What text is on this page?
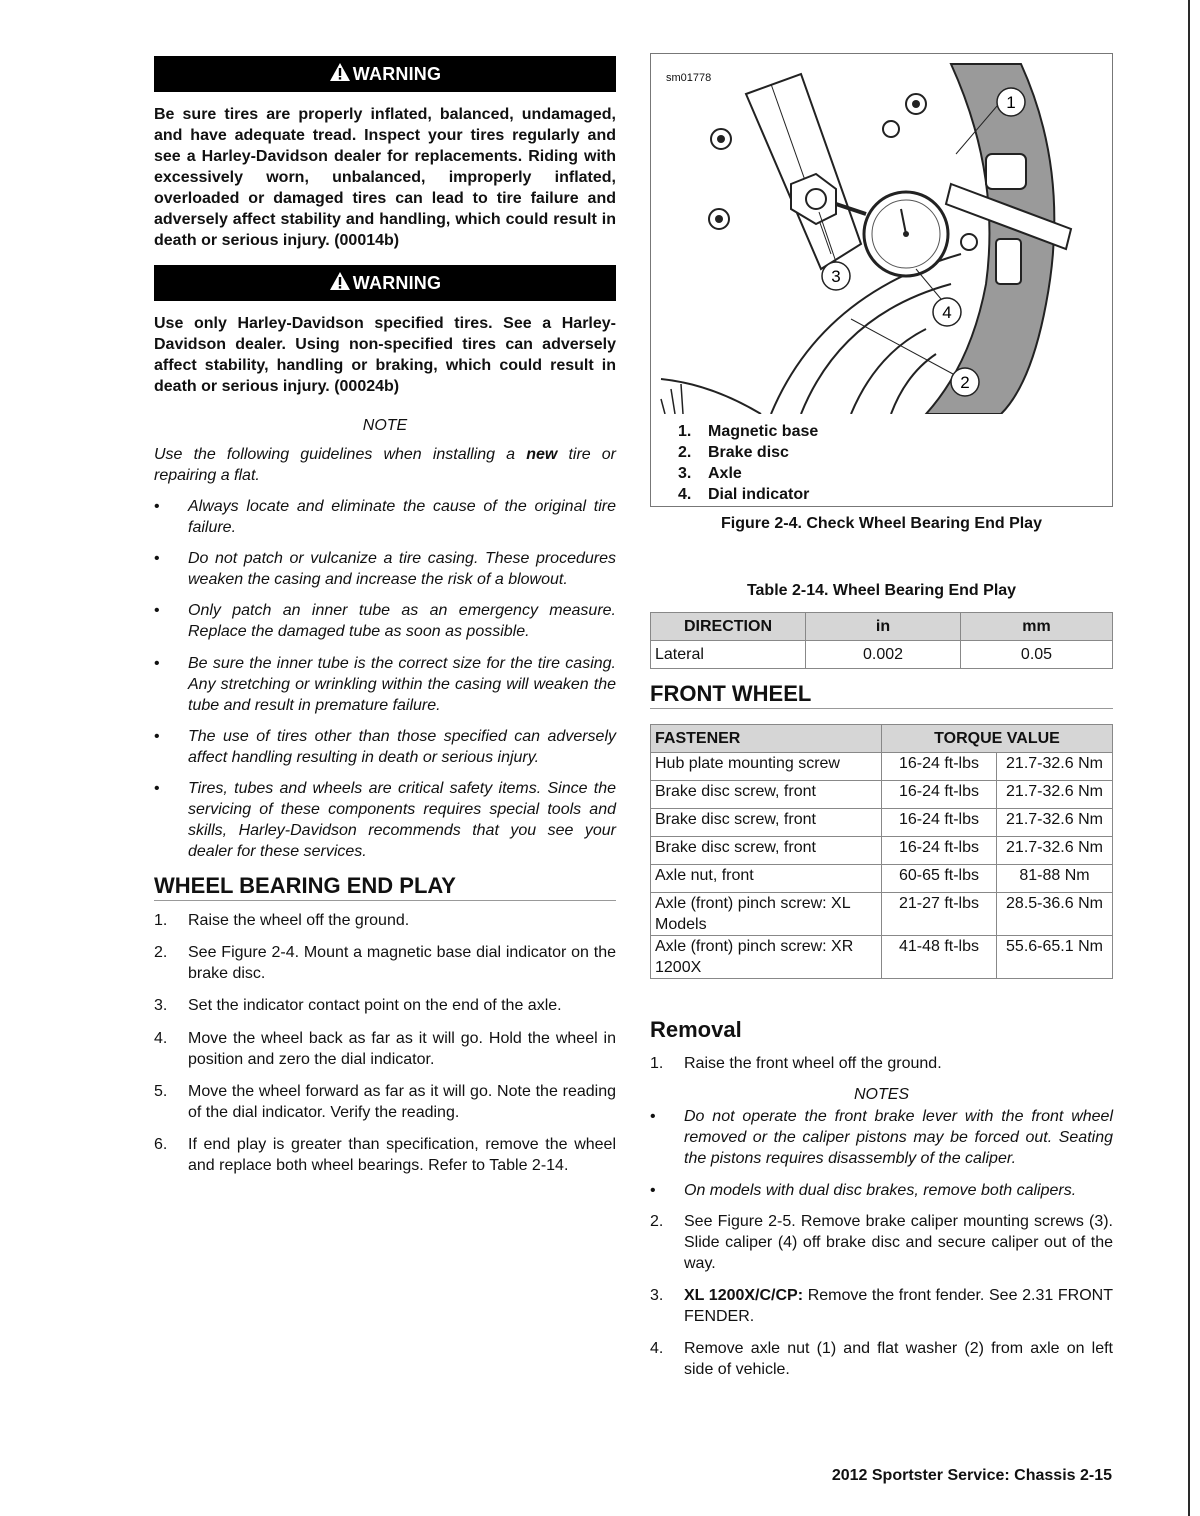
WARNING
Be sure tires are properly inflated, balanced, undamaged, and have adequate tread. Inspect your tires regularly and see a Harley-Davidson dealer for replacements. Riding with excessively worn, unbalanced, improperly inflated, overloaded or damaged tires can lead to tire failure and adversely affect stability and handling, which could result in death or serious injury. (00014b)
WARNING
Use only Harley-Davidson specified tires. See a Harley-Davidson dealer. Using non-specified tires can adversely affect stability, handling or braking, which could result in death or serious injury. (00024b)
NOTE
Use the following guidelines when installing a new tire or repairing a flat.
• Always locate and eliminate the cause of the original tire failure.
• Do not patch or vulcanize a tire casing. These procedures weaken the casing and increase the risk of a blowout.
• Only patch an inner tube as an emergency measure. Replace the damaged tube as soon as possible.
• Be sure the inner tube is the correct size for the tire casing. Any stretching or wrinkling within the casing will weaken the tube and result in premature failure.
• The use of tires other than those specified can adversely affect handling resulting in death or serious injury.
• Tires, tubes and wheels are critical safety items. Since the servicing of these components requires special tools and skills, Harley-Davidson recommends that you see your dealer for these services.
WHEEL BEARING END PLAY
1. Raise the wheel off the ground.
2. See Figure 2-4. Mount a magnetic base dial indicator on the brake disc.
3. Set the indicator contact point on the end of the axle.
4. Move the wheel back as far as it will go. Hold the wheel in position and zero the dial indicator.
5. Move the wheel forward as far as it will go. Note the reading of the dial indicator. Verify the reading.
6. If end play is greater than specification, remove the wheel and replace both wheel bearings. Refer to Table 2-14.
sm01778
1
3
4
2
1.	Magnetic base
2.	Brake disc
3.	Axle
4.	Dial indicator
Figure 2-4. Check Wheel Bearing End Play
Table 2-14. Wheel Bearing End Play
DIRECTION	in	mm
Lateral	0.002	0.05
FRONT WHEEL
FASTENER	TORQUE VALUE	
Hub plate mounting screw	16-24 ft-lbs	21.7-32.6 Nm
Brake disc screw, front	16-24 ft-lbs	21.7-32.6 Nm
Brake disc screw, front	16-24 ft-lbs	21.7-32.6 Nm
Brake disc screw, front	16-24 ft-lbs	21.7-32.6 Nm
Axle nut, front	60-65 ft-lbs	81-88 Nm
Axle (front) pinch screw: XL Models	21-27 ft-lbs	28.5-36.6 Nm
Axle (front) pinch screw: XR 1200X	41-48 ft-lbs	55.6-65.1 Nm
Removal
1. Raise the front wheel off the ground.
NOTES
• Do not operate the front brake lever with the front wheel removed or the caliper pistons may be forced out. Seating the pistons requires disassembly of the caliper.
• On models with dual disc brakes, remove both calipers.
2. See Figure 2-5. Remove brake caliper mounting screws (3). Slide caliper (4) off brake disc and secure caliper out of the way.
3. XL 1200X/C/CP: Remove the front fender. See 2.31 FRONT FENDER.
4. Remove axle nut (1) and flat washer (2) from axle on left side of vehicle.
2012 Sportster Service: Chassis 2-15
